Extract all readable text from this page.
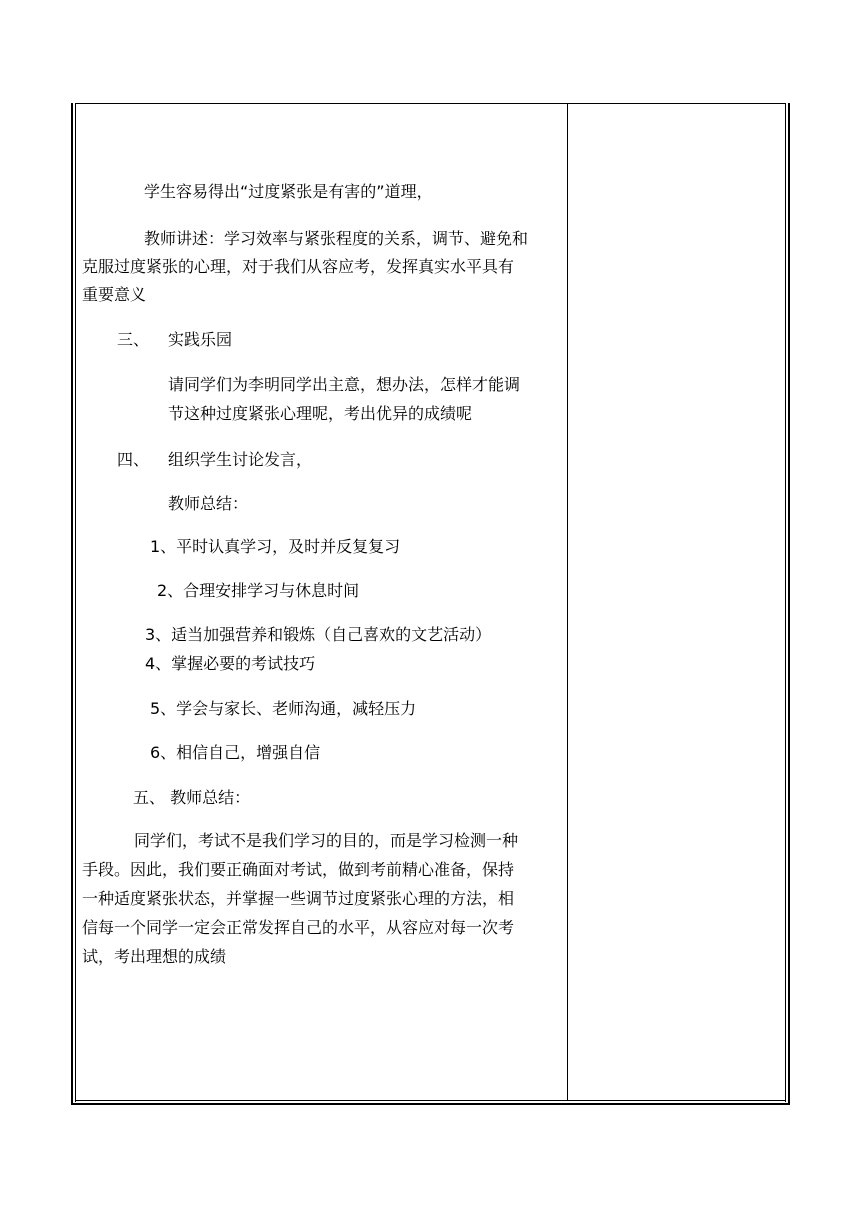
学生容易得出“过度紧张是有害的”道理，
教师讲述：学习效率与紧张程度的关系，调节、避免和
克服过度紧张的心理，对于我们从容应考，发挥真实水平具有
重要意义
三、 实践乐园
请同学们为李明同学出主意，想办法，怎样才能调
节这种过度紧张心理呢，考出优异的成绩呢
四、 组织学生讨论发言，
教师总结：
1、平时认真学习，及时并反复复习
2、合理安排学习与休息时间
3、适当加强营养和锻炼（自己喜欢的文艺活动）
4、掌握必要的考试技巧
5、学会与家长、老师沟通，减轻压力
6、相信自己，增强自信
五、 教师总结：
同学们，考试不是我们学习的目的，而是学习检测一种
手段。因此，我们要正确面对考试，做到考前精心准备，保持
一种适度紧张状态，并掌握一些调节过度紧张心理的方法，相
信每一个同学一定会正常发挥自己的水平，从容应对每一次考
试，考出理想的成绩
